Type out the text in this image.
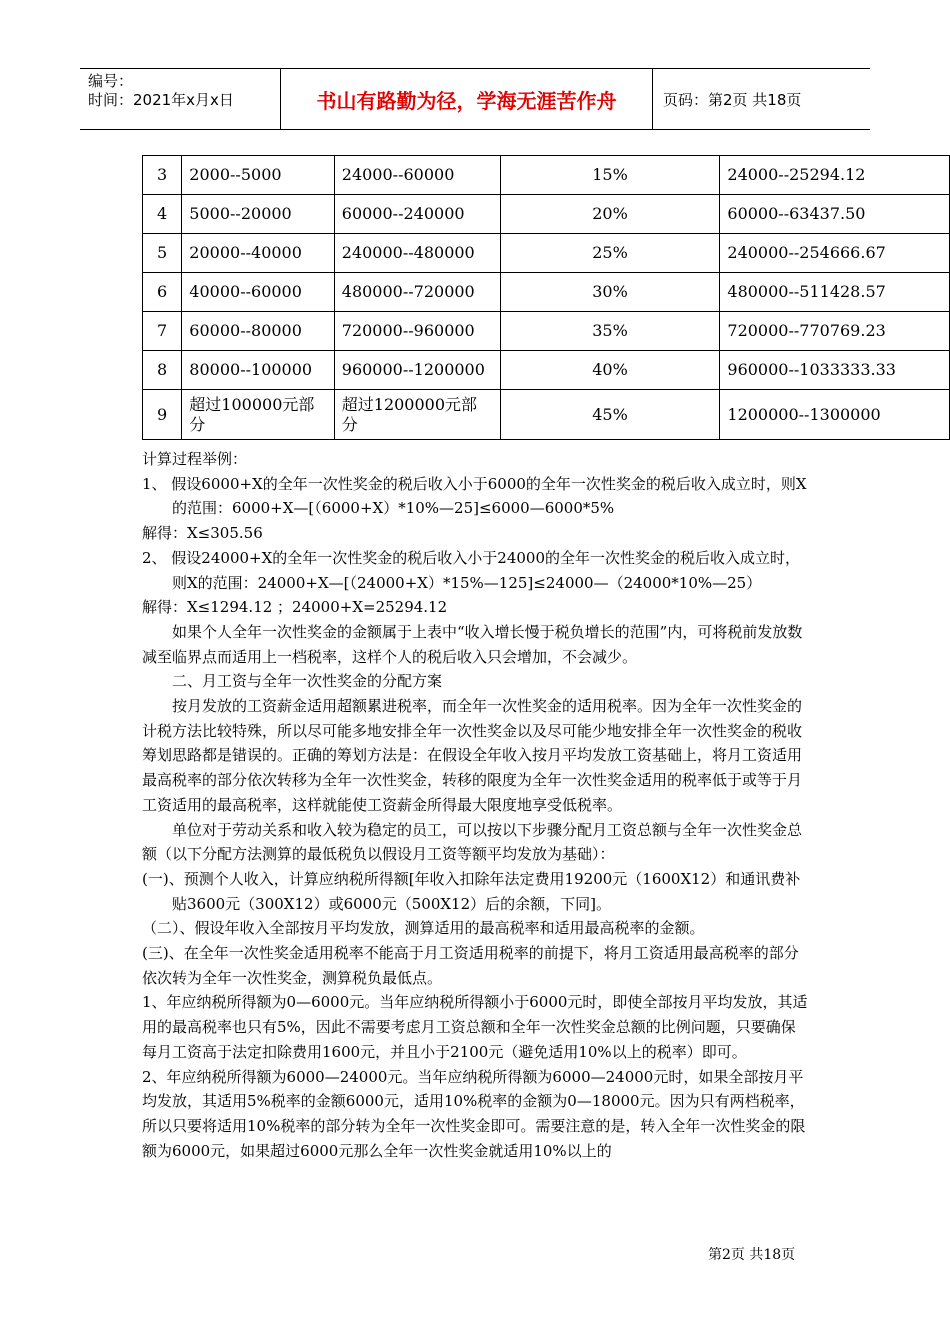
编号：
时间：2021年x月x日	书山有路勤为径，学海无涯苦作舟	页码：第2页 共18页
3	2000--5000	24000--60000	15%	24000--25294.12
4	5000--20000	60000--240000	20%	60000--63437.50
5	20000--40000	240000--480000	25%	240000--254666.67
6	40000--60000	480000--720000	30%	480000--511428.57
7	60000--80000	720000--960000	35%	720000--770769.23
8	80000--100000	960000--1200000	40%	960000--1033333.33
9	超过100000元部分	超过1200000元部分	45%	1200000--1300000

计算过程举例：

1、 假设6000+X的全年一次性奖金的税后收入小于6000的全年一次性奖金的税后收入成立时，则X的范围：6000+X—[（6000+X）*10%—25]≤6000—6000*5%

解得：X≤305.56

2、 假设24000+X的全年一次性奖金的税后收入小于24000的全年一次性奖金的税后收入成立时，则X的范围：24000+X—[（24000+X）*15%—125]≤24000—（24000*10%—25）

解得：X≤1294.12 ；24000+X=25294.12

如果个人全年一次性奖金的金额属于上表中“收入增长慢于税负增长的范围”内，可将税前发放数减至临界点而适用上一档税率，这样个人的税后收入只会增加，不会减少。

二、月工资与全年一次性奖金的分配方案

按月发放的工资薪金适用超额累进税率，而全年一次性奖金的适用税率。因为全年一次性奖金的计税方法比较特殊，所以尽可能多地安排全年一次性奖金以及尽可能少地安排全年一次性奖金的税收筹划思路都是错误的。正确的筹划方法是：在假设全年收入按月平均发放工资基础上，将月工资适用最高税率的部分依次转移为全年一次性奖金，转移的限度为全年一次性奖金适用的税率低于或等于月工资适用的最高税率，这样就能使工资薪金所得最大限度地享受低税率。

单位对于劳动关系和收入较为稳定的员工，可以按以下步骤分配月工资总额与全年一次性奖金总额（以下分配方法测算的最低税负以假设月工资等额平均发放为基础）：

(一)、预测个人收入，计算应纳税所得额[年收入扣除年法定费用19200元（1600X12）和通讯费补贴3600元（300X12）或6000元（500X12）后的余额，下同]。

（二）、假设年收入全部按月平均发放，测算适用的最高税率和适用最高税率的金额。

(三)、在全年一次性奖金适用税率不能高于月工资适用税率的前提下，将月工资适用最高税率的部分依次转为全年一次性奖金，测算税负最低点。

1、年应纳税所得额为0—6000元。当年应纳税所得额小于6000元时，即使全部按月平均发放，其适用的最高税率也只有5%，因此不需要考虑月工资总额和全年一次性奖金总额的比例问题，只要确保每月工资高于法定扣除费用1600元，并且小于2100元（避免适用10%以上的税率）即可。

2、年应纳税所得额为6000—24000元。当年应纳税所得额为6000—24000元时，如果全部按月平均发放，其适用5%税率的金额6000元，适用10%税率的金额为0—18000元。因为只有两档税率，所以只要将适用10%税率的部分转为全年一次性奖金即可。需要注意的是，转入全年一次性奖金的限额为6000元，如果超过6000元那么全年一次性奖金就适用10%以上的

第2页 共18页
